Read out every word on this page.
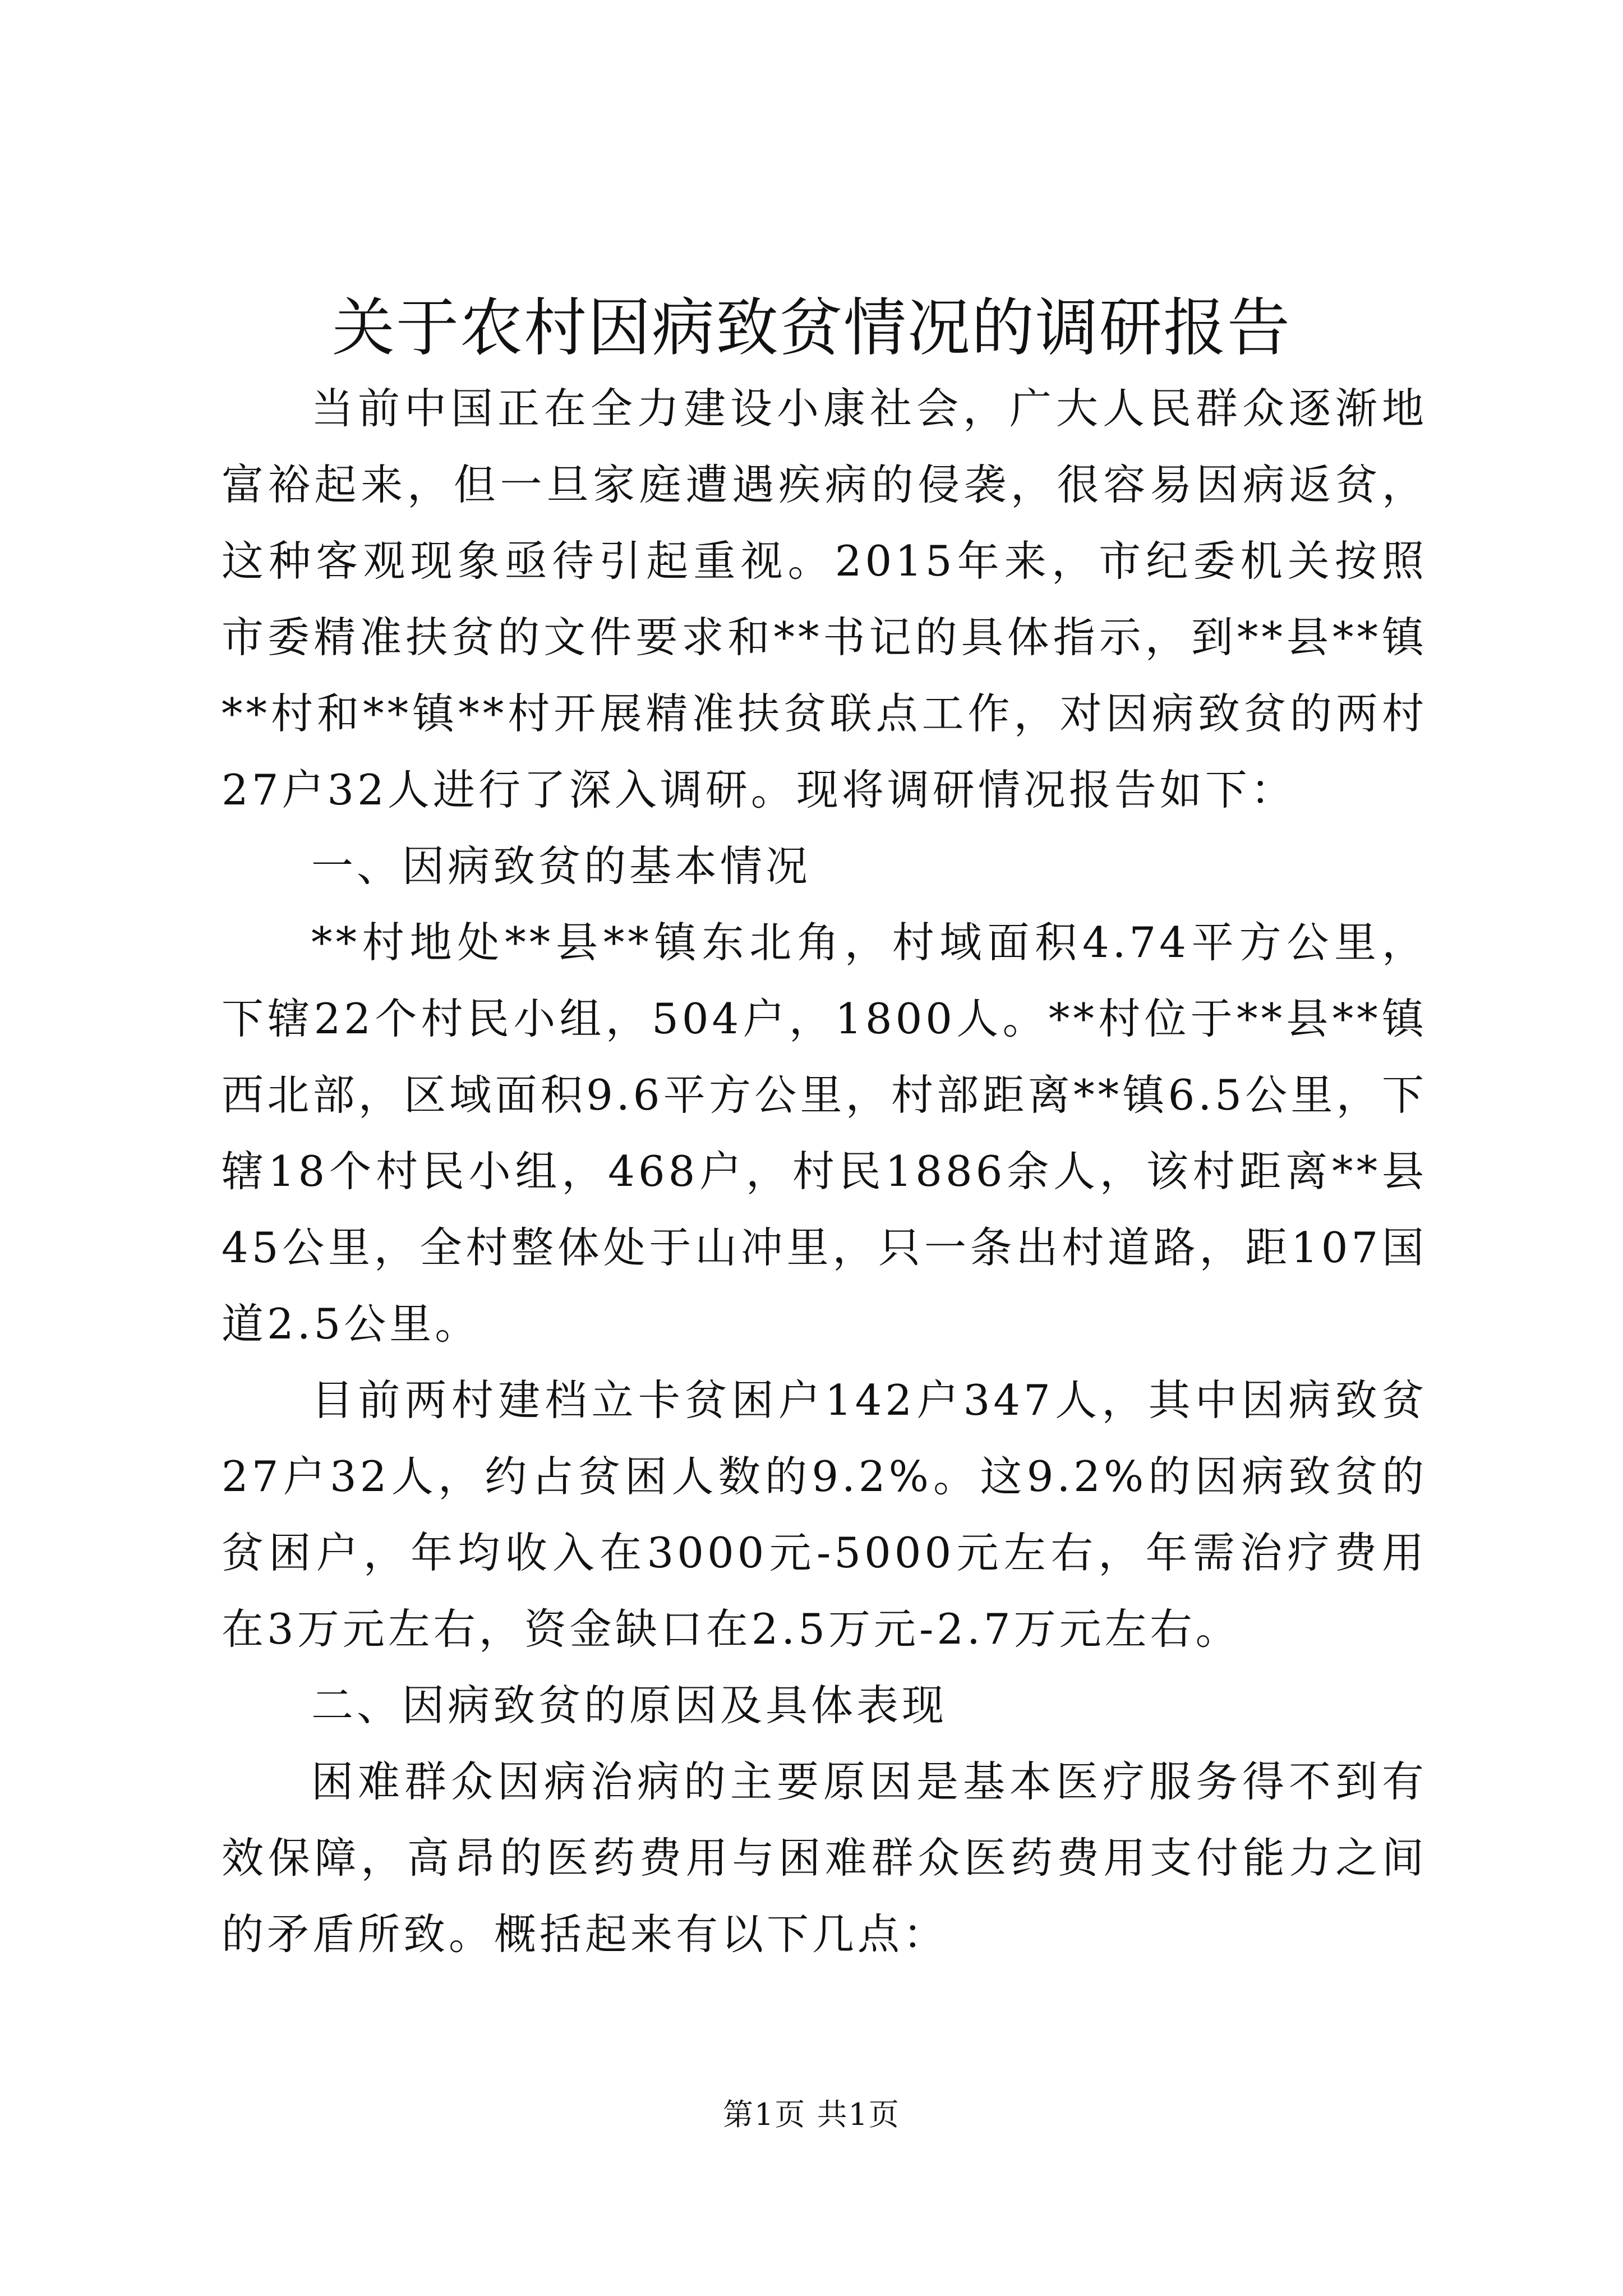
关于农村因病致贫情况的调研报告

当前中国正在全力建设小康社会，广大人民群众逐渐地富裕起来，但一旦家庭遭遇疾病的侵袭，很容易因病返贫，这种客观现象亟待引起重视。2015年来，市纪委机关按照市委精准扶贫的文件要求和**书记的具体指示，到**县**镇**村和**镇**村开展精准扶贫联点工作，对因病致贫的两村27户32人进行了深入调研。现将调研情况报告如下：

一、因病致贫的基本情况

**村地处**县**镇东北角，村域面积4.74平方公里，下辖22个村民小组，504户，1800人。**村位于**县**镇西北部，区域面积9.6平方公里，村部距离**镇6.5公里，下辖18个村民小组，468户，村民1886余人，该村距离**县45公里，全村整体处于山冲里，只一条出村道路，距107国道2.5公里。

目前两村建档立卡贫困户142户347人，其中因病致贫27户32人，约占贫困人数的9.2%。这9.2%的因病致贫的贫困户，年均收入在3000元-5000元左右，年需治疗费用在3万元左右，资金缺口在2.5万元-2.7万元左右。

二、因病致贫的原因及具体表现

困难群众因病治病的主要原因是基本医疗服务得不到有效保障，高昂的医药费用与困难群众医药费用支付能力之间的矛盾所致。概括起来有以下几点：

第1页 共1页
